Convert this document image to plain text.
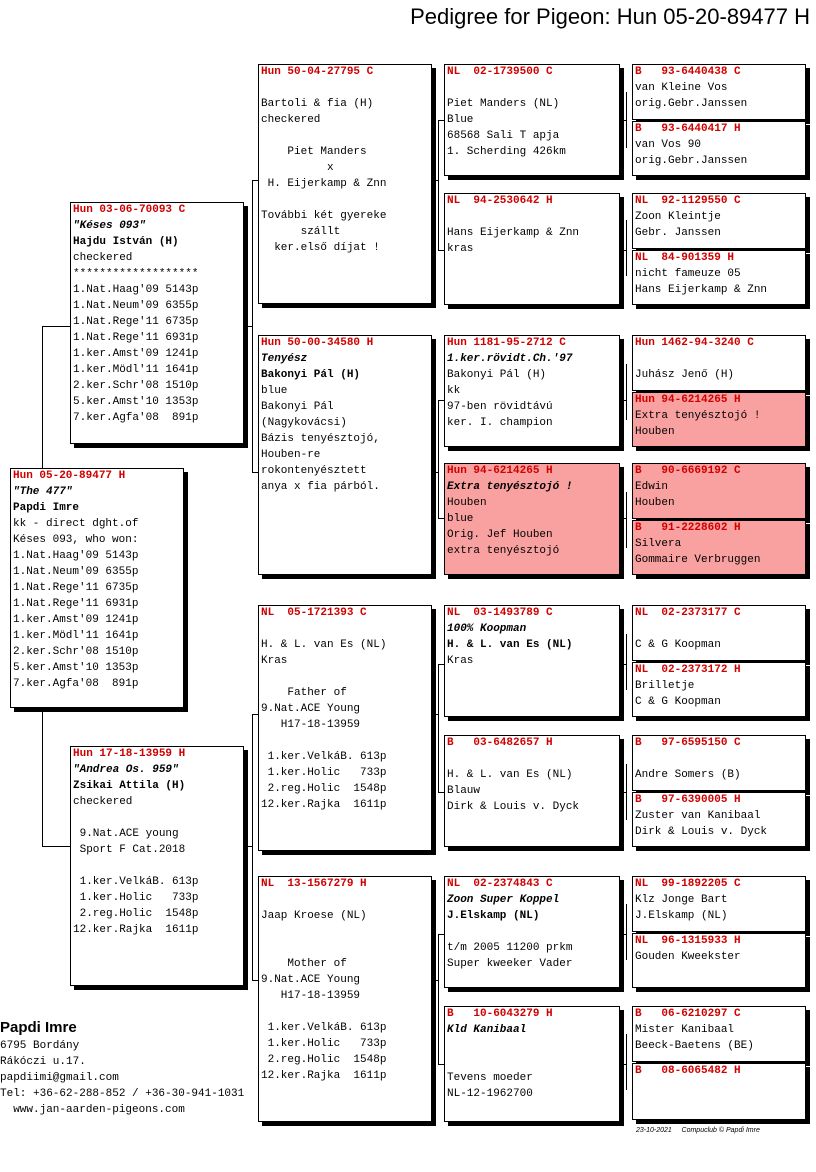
Pedigree for Pigeon: Hun 05-20-89477 H
Hun 05-20-89477 H
"The 477"
Papdi Imre
kk - direct dght.of
Késes 093, who won:
1.Nat.Haag'09 5143p
1.Nat.Neum'09 6355p
1.Nat.Rege'11 6735p
1.Nat.Rege'11 6931p
1.ker.Amst'09 1241p
1.ker.Mödl'11 1641p
2.ker.Schr'08 1510p
5.ker.Amst'10 1353p
7.ker.Agfa'08  891p
Hun 03-06-70093 C
"Késes 093"
Hajdu István (H)
checkered
*******************
1.Nat.Haag'09 5143p
1.Nat.Neum'09 6355p
1.Nat.Rege'11 6735p
1.Nat.Rege'11 6931p
1.ker.Amst'09 1241p
1.ker.Mödl'11 1641p
2.ker.Schr'08 1510p
5.ker.Amst'10 1353p
7.ker.Agfa'08  891p
Hun 17-18-13959 H
"Andrea Os. 959"
Zsikai Attila (H)
checkered
9.Nat.ACE young
Sport F Cat.2018
1.ker.VelkáB. 613p
1.ker.Holic   733p
2.reg.Holic  1548p
12.ker.Rajka  1611p
Hun 50-04-27795 C
Bartoli & fia (H)
checkered
Piet Manders
x
H. Eijerkamp & Znn
További két gyereke
szállt
ker.első díjat !
Hun 50-00-34580 H
Tenyész
Bakonyi Pál (H)
blue
Bakonyi Pál
(Nagykovácsi)
Bázis tenyésztojó,
Houben-re
rokontenyésztett
anya x fia párból.
NL  05-1721393 C
H. & L. van Es (NL)
Kras
Father of
9.Nat.ACE Young
H17-18-13959
1.ker.VelkáB. 613p
1.ker.Holic   733p
2.reg.Holic  1548p
12.ker.Rajka  1611p
NL  13-1567279 H
Jaap Kroese (NL)
Mother of
9.Nat.ACE Young
H17-18-13959
1.ker.VelkáB. 613p
1.ker.Holic   733p
2.reg.Holic  1548p
12.ker.Rajka  1611p
NL  02-1739500 C
Piet Manders (NL)
Blue
68568 Sali T apja
1. Scherding 426km
NL  94-2530642 H
Hans Eijerkamp & Znn
kras
Hun 1181-95-2712 C
1.ker.rövidt.Ch.'97
Bakonyi Pál (H)
kk
97-ben rövidtávú
ker. I. champion
Hun 94-6214265 H
Extra tenyésztojó !
Houben
blue
Orig. Jef Houben
extra tenyésztojó
NL  03-1493789 C
100% Koopman
H. & L. van Es (NL)
Kras
B   03-6482657 H
H. & L. van Es (NL)
Blauw
Dirk & Louis v. Dyck
NL  02-2374843 C
Zoon Super Koppel
J.Elskamp (NL)
t/m 2005 11200 prkm
Super kweeker Vader
B   10-6043279 H
Kld Kanibaal
Tevens moeder
NL-12-1962700
B   93-6440438 C
van Kleine Vos
orig.Gebr.Janssen
B   93-6440417 H
van Vos 90
orig.Gebr.Janssen
NL  92-1129550 C
Zoon Kleintje
Gebr. Janssen
NL  84-901359 H
nicht fameuze 05
Hans Eijerkamp & Znn
Hun 1462-94-3240 C
Juhász Jenő (H)
Hun 94-6214265 H
Extra tenyésztojó !
Houben
B   90-6669192 C
Edwin
Houben
B   91-2228602 H
Silvera
Gommaire Verbruggen
NL  02-2373177 C
C & G Koopman
NL  02-2373172 H
Brilletje
C & G Koopman
B   97-6595150 C
Andre Somers (B)
B   97-6390005 H
Zuster van Kanibaal
Dirk & Louis v. Dyck
NL  99-1892205 C
Klz Jonge Bart
J.Elskamp (NL)
NL  96-1315933 H
Gouden Kweekster
B   06-6210297 C
Mister Kanibaal
Beeck-Baetens (BE)
B   08-6065482 H
Papdi Imre
6795 Bordány
Rákóczi u.17.
papdiimi@gmail.com
Tel: +36-62-288-852 / +36-30-941-1031
www.jan-aarden-pigeons.com
23-10-2021     Compuclub © Papdi Imre
